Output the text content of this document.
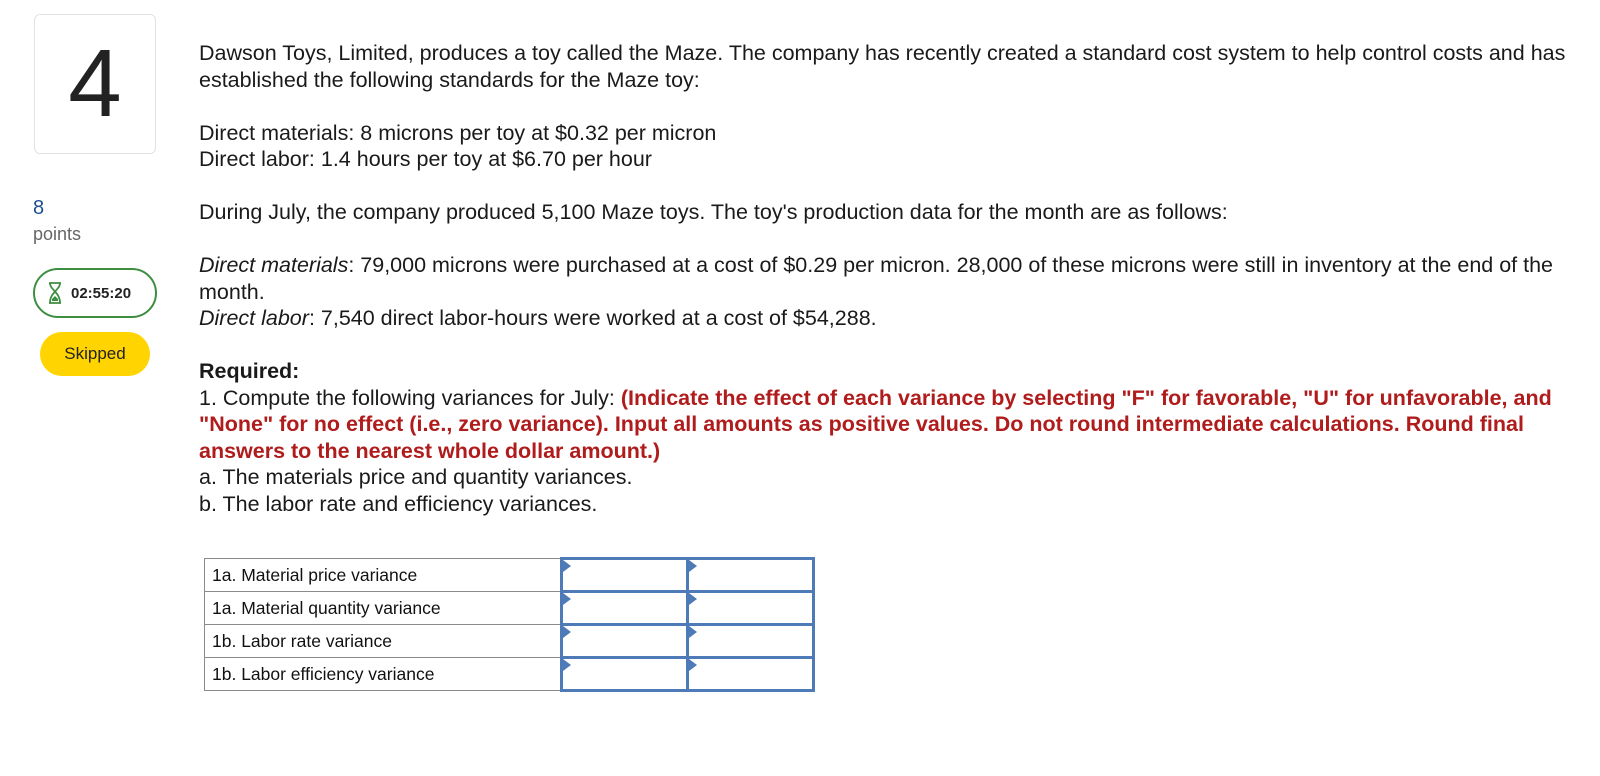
4
8
points
02:55:20
Skipped

Dawson Toys, Limited, produces a toy called the Maze. The company has recently created a standard cost system to help control costs and has established the following standards for the Maze toy:

Direct materials: 8 microns per toy at $0.32 per micron

Direct labor: 1.4 hours per toy at $6.70 per hour

During July, the company produced 5,100 Maze toys. The toy's production data for the month are as follows:

Direct materials: 79,000 microns were purchased at a cost of $0.29 per micron. 28,000 of these microns were still in inventory at the end of the month.

Direct labor: 7,540 direct labor-hours were worked at a cost of $54,288.

Required:

1. Compute the following variances for July: (Indicate the effect of each variance by selecting "F" for favorable, "U" for unfavorable, and "None" for no effect (i.e., zero variance). Input all amounts as positive values. Do not round intermediate calculations. Round final answers to the nearest whole dollar amount.)

a. The materials price and quantity variances.

b. The labor rate and efficiency variances.

1a. Material price variance	

1a. Material quantity variance	

1b. Labor rate variance	

1b. Labor efficiency variance	
